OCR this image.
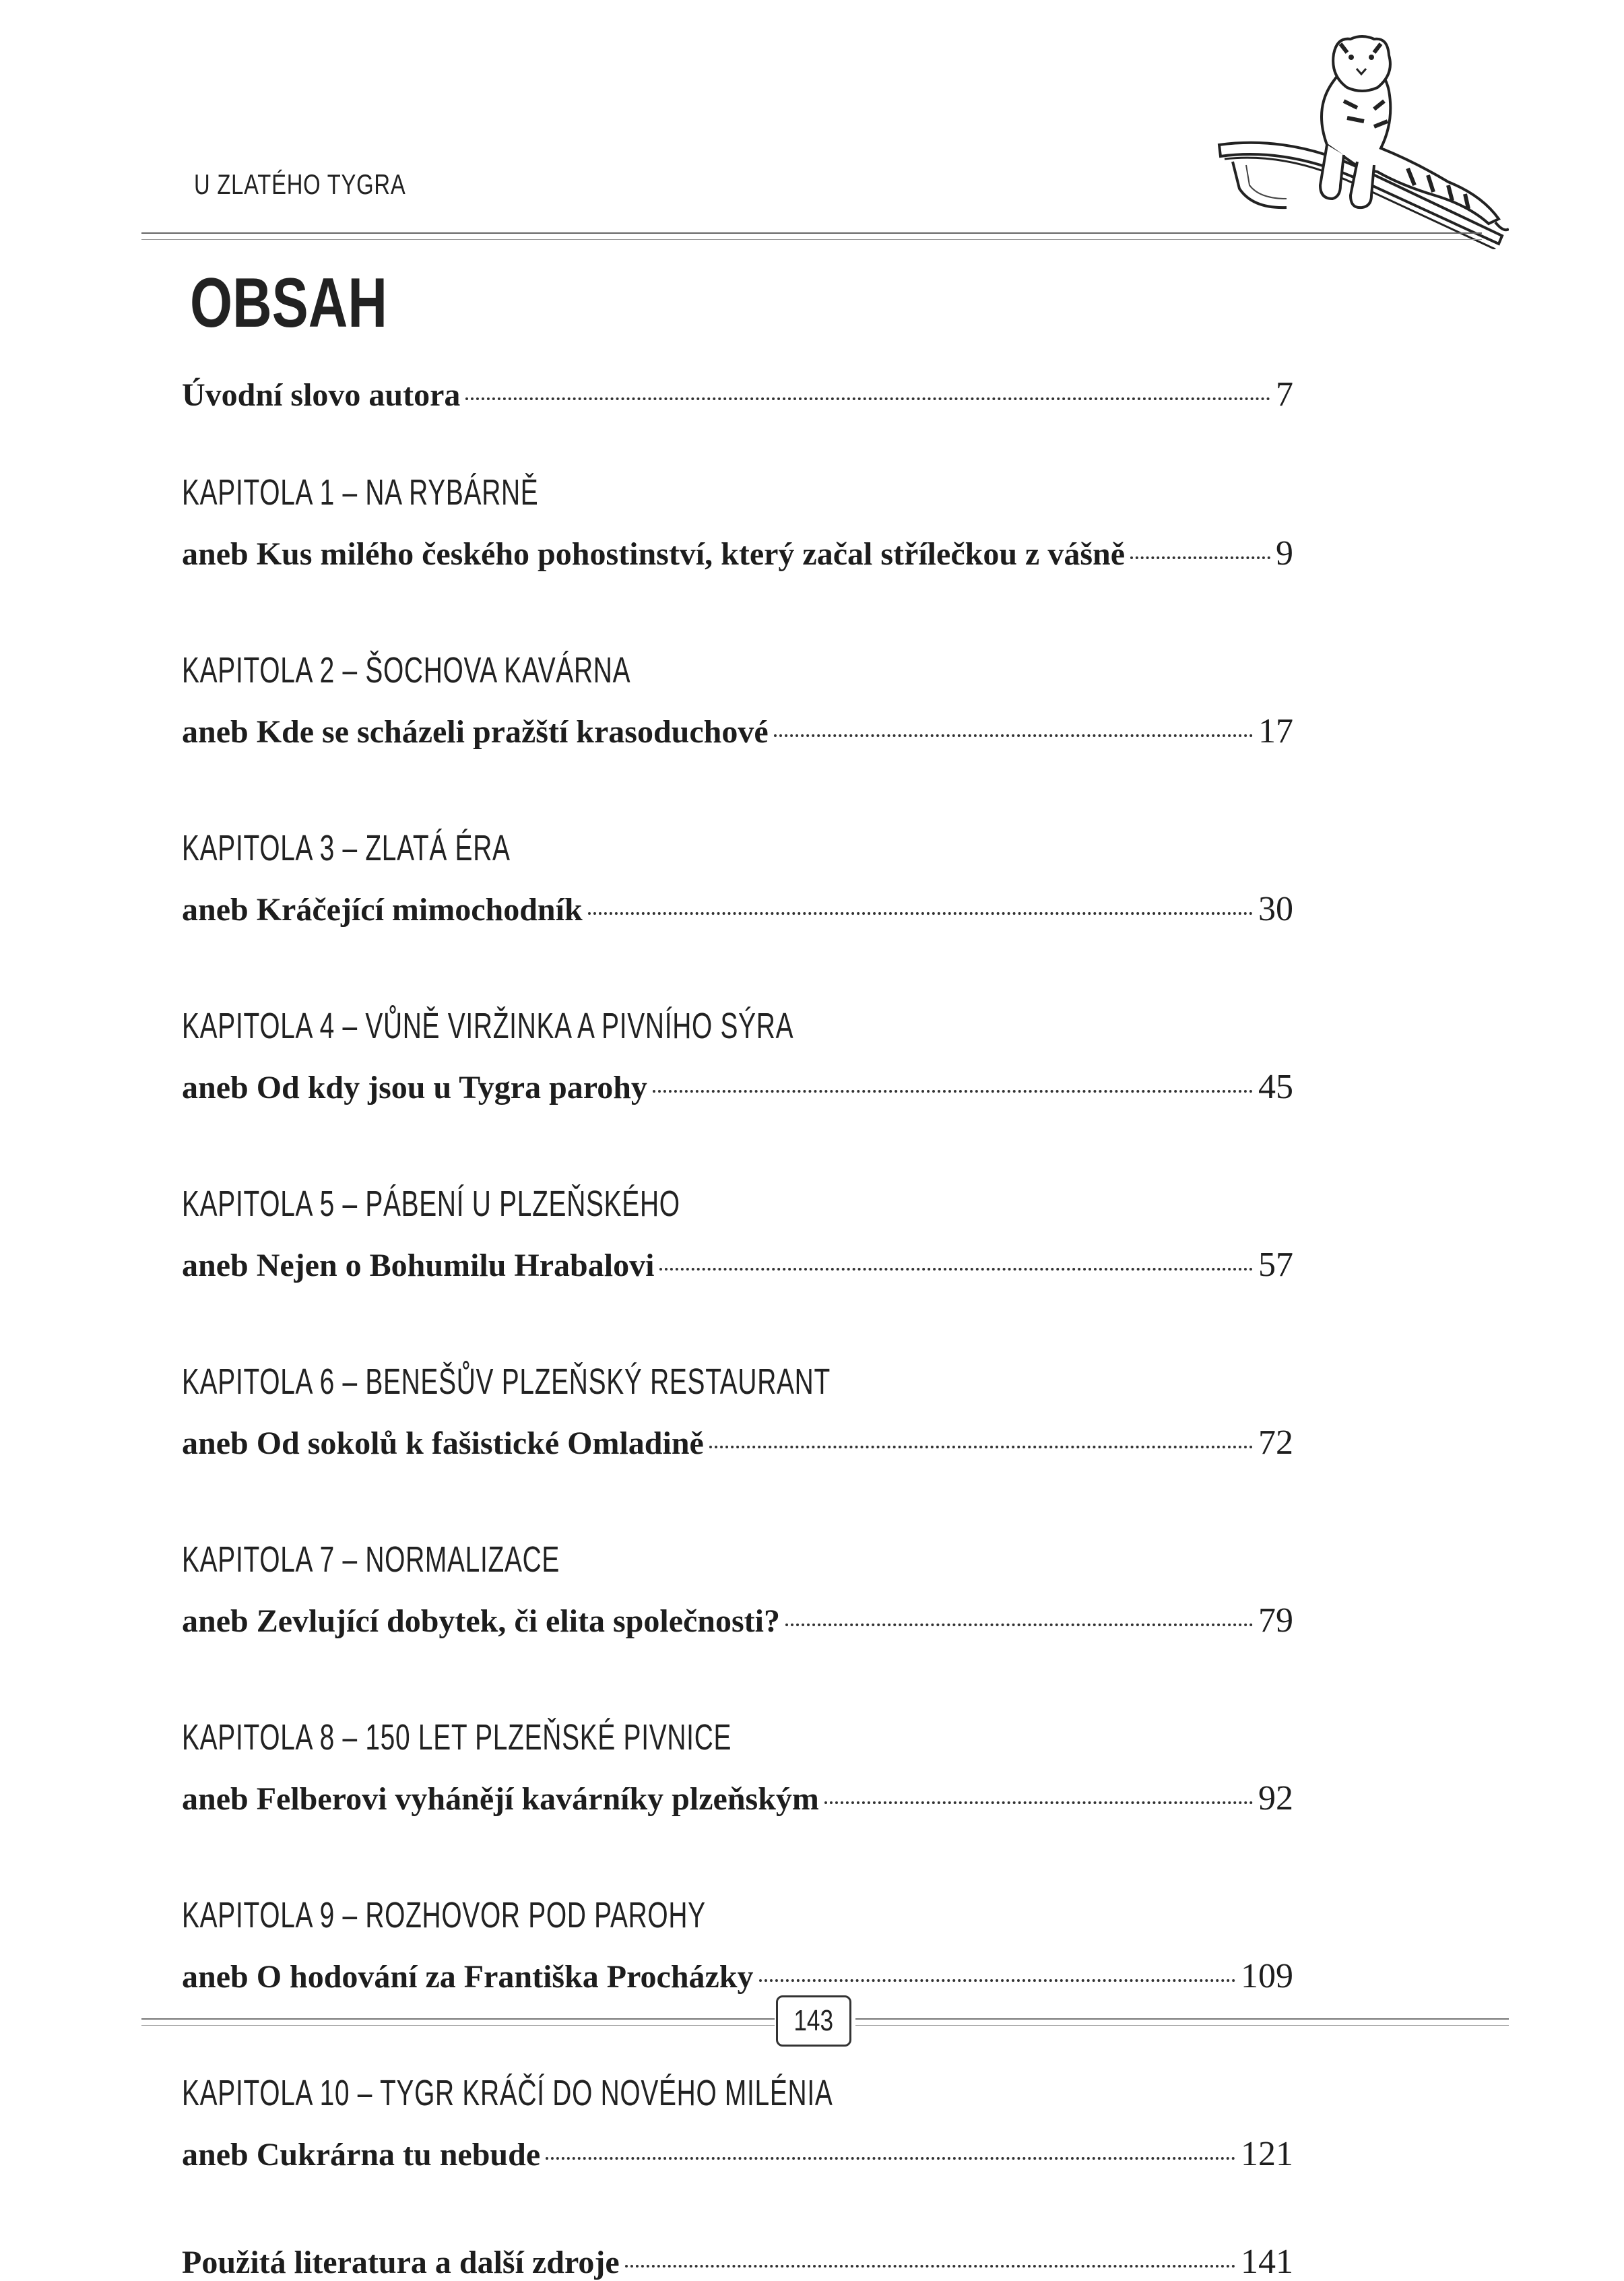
U ZLATÉHO TYGRA
OBSAH
Úvodní slovo autora	7
KAPITOLA 1 – NA RYBÁRNĚ
aneb Kus milého českého pohostinství, který začal střílečkou z vášně	9
KAPITOLA 2 – ŠOCHOVA KAVÁRNA
aneb Kde se scházeli pražští krasoduchové	17
KAPITOLA 3 – ZLATÁ ÉRA
aneb Kráčející mimochodník	30
KAPITOLA 4 – VŮNĚ VIRŽINKA A PIVNÍHO SÝRA
aneb Od kdy jsou u Tygra parohy	45
KAPITOLA 5 – PÁBENÍ U PLZEŇSKÉHO
aneb Nejen o Bohumilu Hrabalovi	57
KAPITOLA 6 – BENEŠŮV PLZEŇSKÝ RESTAURANT
aneb Od sokolů k fašistické Omladině	72
KAPITOLA 7 – NORMALIZACE
aneb Zevlující dobytek, či elita společnosti?	79
KAPITOLA 8 – 150 LET PLZEŇSKÉ PIVNICE
aneb Felberovi vyhánějí kavárníky plzeňským	92
KAPITOLA 9 – ROZHOVOR POD PAROHY
aneb O hodování za Františka Procházky	109
KAPITOLA 10 – TYGR KRÁČÍ DO NOVÉHO MILÉNIA
aneb Cukrárna tu nebude	121
Použitá literatura a další zdroje	141
143
